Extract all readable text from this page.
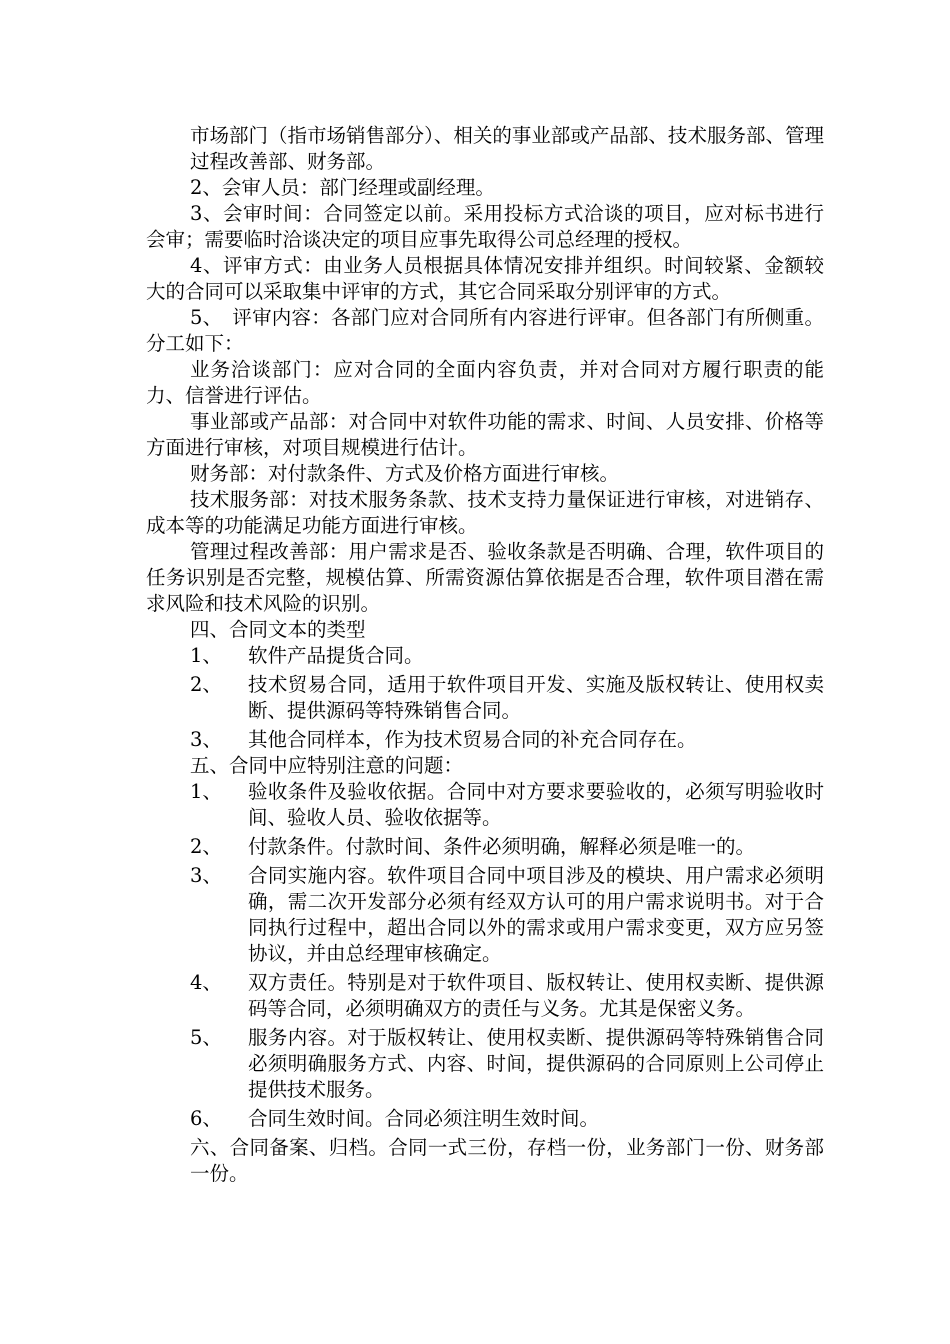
市场部门（指市场销售部分）、相关的事业部或产品部、技术服务部、管理过程改善部、财务部。

2、会审人员：部门经理或副经理。

3、会审时间：合同签定以前。采用投标方式洽谈的项目，应对标书进行会审；需要临时洽谈决定的项目应事先取得公司总经理的授权。

4、评审方式：由业务人员根据具体情况安排并组织。时间较紧、金额较大的合同可以采取集中评审的方式，其它合同采取分别评审的方式。

5、　评审内容：各部门应对合同所有内容进行评审。但各部门有所侧重。分工如下：

业务洽谈部门：应对合同的全面内容负责，并对合同对方履行职责的能力、信誉进行评估。

事业部或产品部：对合同中对软件功能的需求、时间、人员安排、价格等方面进行审核，对项目规模进行估计。

财务部：对付款条件、方式及价格方面进行审核。

技术服务部：对技术服务条款、技术支持力量保证进行审核，对进销存、成本等的功能满足功能方面进行审核。

管理过程改善部：用户需求是否、验收条款是否明确、合理，软件项目的任务识别是否完整，规模估算、所需资源估算依据是否合理，软件项目潜在需求风险和技术风险的识别。

四、合同文本的类型

1、	软件产品提货合同。
2、	技术贸易合同，适用于软件项目开发、实施及版权转让、使用权卖断、提供源码等特殊销售合同。
3、	其他合同样本，作为技术贸易合同的补充合同存在。

五、合同中应特别注意的问题：

1、	验收条件及验收依据。合同中对方要求要验收的，必须写明验收时间、验收人员、验收依据等。
2、	付款条件。付款时间、条件必须明确，解释必须是唯一的。
3、	合同实施内容。软件项目合同中项目涉及的模块、用户需求必须明确，需二次开发部分必须有经双方认可的用户需求说明书。对于合同执行过程中，超出合同以外的需求或用户需求变更，双方应另签协议，并由总经理审核确定。
4、	双方责任。特别是对于软件项目、版权转让、使用权卖断、提供源码等合同，必须明确双方的责任与义务。尤其是保密义务。
5、	服务内容。对于版权转让、使用权卖断、提供源码等特殊销售合同必须明确服务方式、内容、时间，提供源码的合同原则上公司停止提供技术服务。
6、	合同生效时间。合同必须注明生效时间。

六、合同备案、归档。合同一式三份，存档一份，业务部门一份、财务部一份。
